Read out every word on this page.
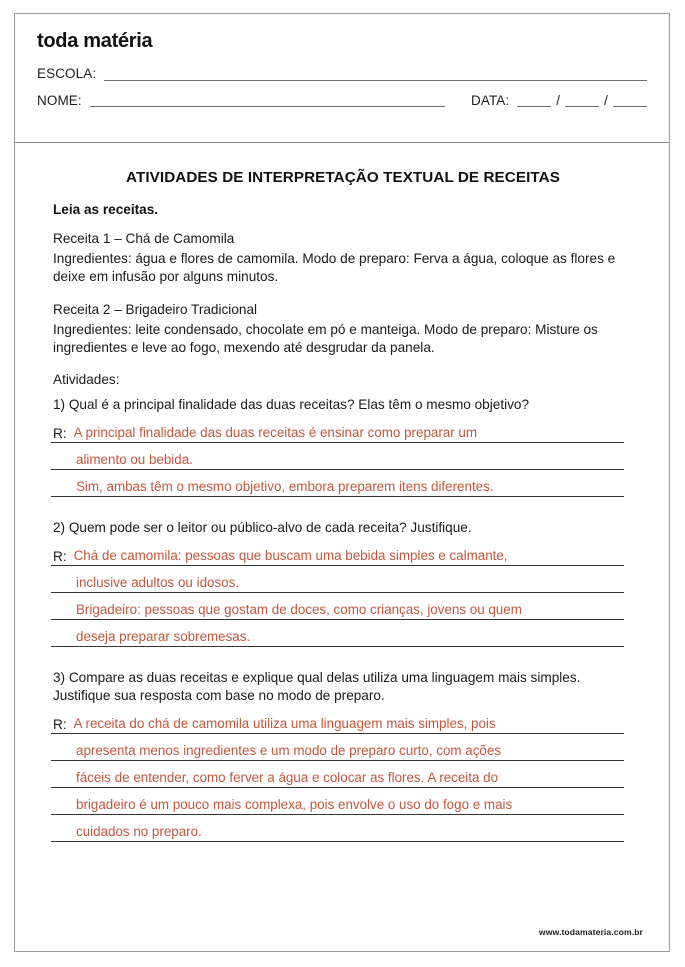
toda matéria
ESCOLA:
NOME:	DATA:	/	/
ATIVIDADES DE INTERPRETAÇÃO TEXTUAL DE RECEITAS

Leia as receitas.

Receita 1 – Chá de Camomila

Ingredientes: água e flores de camomila. Modo de preparo: Ferva a água, coloque as flores e deixe em infusão por alguns minutos.

Receita 2 – Brigadeiro Tradicional

Ingredientes: leite condensado, chocolate em pó e manteiga. Modo de preparo: Misture os ingredientes e leve ao fogo, mexendo até desgrudar da panela.

Atividades:

1) Qual é a principal finalidade das duas receitas? Elas têm o mesmo objetivo?

R: A principal finalidade das duas receitas é ensinar como preparar um
alimento ou bebida.
Sim, ambas têm o mesmo objetivo, embora preparem itens diferentes.

2) Quem pode ser o leitor ou público-alvo de cada receita? Justifique.

R: Chá de camomila: pessoas que buscam uma bebida simples e calmante,
inclusive adultos ou idosos.
Brigadeiro: pessoas que gostam de doces, como crianças, jovens ou quem
deseja preparar sobremesas.

3) Compare as duas receitas e explique qual delas utiliza uma linguagem mais simples. Justifique sua resposta com base no modo de preparo.

R: A receita do chá de camomila utiliza uma linguagem mais simples, pois
apresenta menos ingredientes e um modo de preparo curto, com ações
fáceis de entender, como ferver a água e colocar as flores. A receita do
brigadeiro é um pouco mais complexa, pois envolve o uso do fogo e mais
cuidados no preparo.
www.todamateria.com.br
